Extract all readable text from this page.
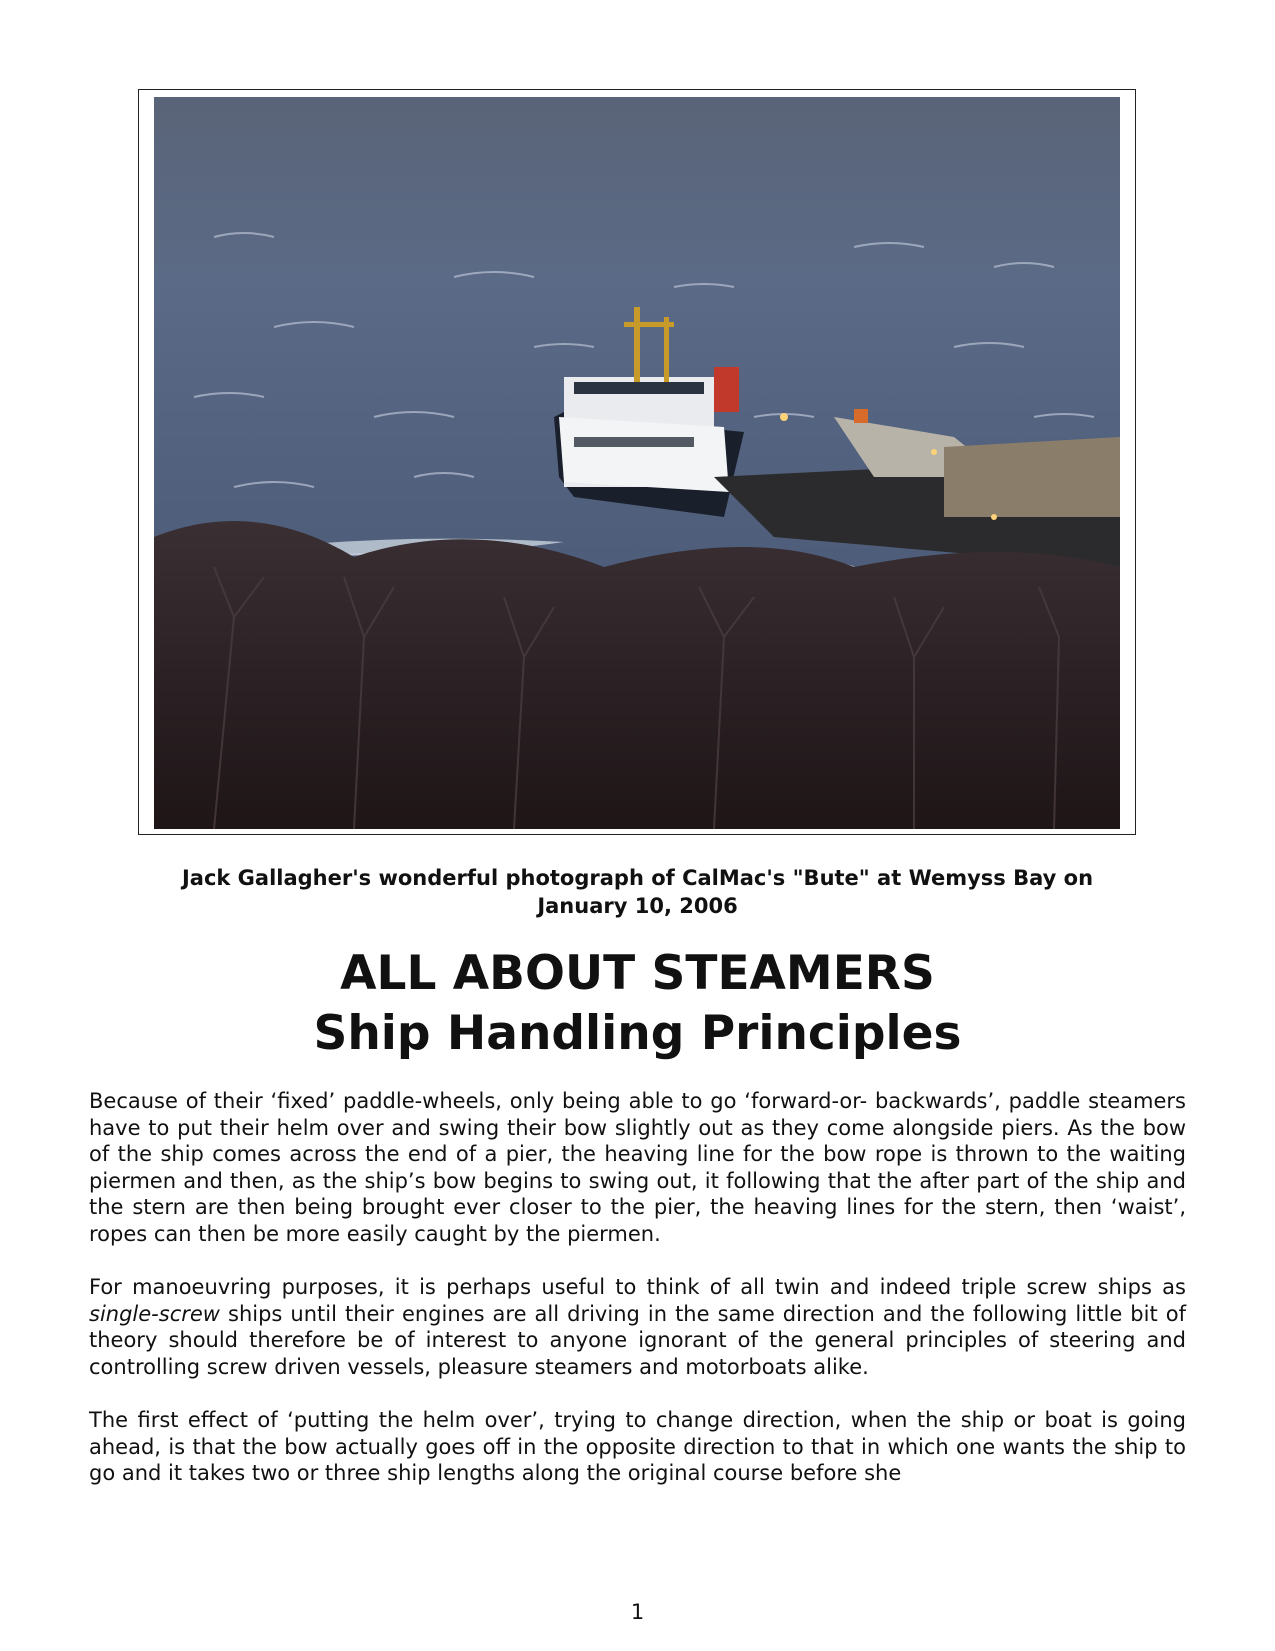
Jack Gallagher's wonderful photograph of CalMac's "Bute" at Wemyss Bay on
January 10, 2006
ALL ABOUT STEAMERS
Ship Handling Principles

Because of their ‘fixed’ paddle-wheels, only being able to go ‘forward-or- backwards’, paddle steamers have to put their helm over and swing their bow slightly out as they come alongside piers. As the bow of the ship comes across the end of a pier, the heaving line for the bow rope is thrown to the waiting piermen and then, as the ship’s bow begins to swing out, it following that the after part of the ship and the stern are then being brought ever closer to the pier, the heaving lines for the stern, then ‘waist’, ropes can then be more easily caught by the piermen.

For manoeuvring purposes, it is perhaps useful to think of all twin and indeed triple screw ships as single-screw ships until their engines are all driving in the same direction and the following little bit of theory should therefore be of interest to anyone ignorant of the general principles of steering and controlling screw driven vessels, pleasure steamers and motorboats alike.

The first effect of ‘putting the helm over’, trying to change direction, when the ship or boat is going ahead, is that the bow actually goes off in the opposite direction to that in which one wants the ship to go and it takes two or three ship lengths along the original course before she

1
